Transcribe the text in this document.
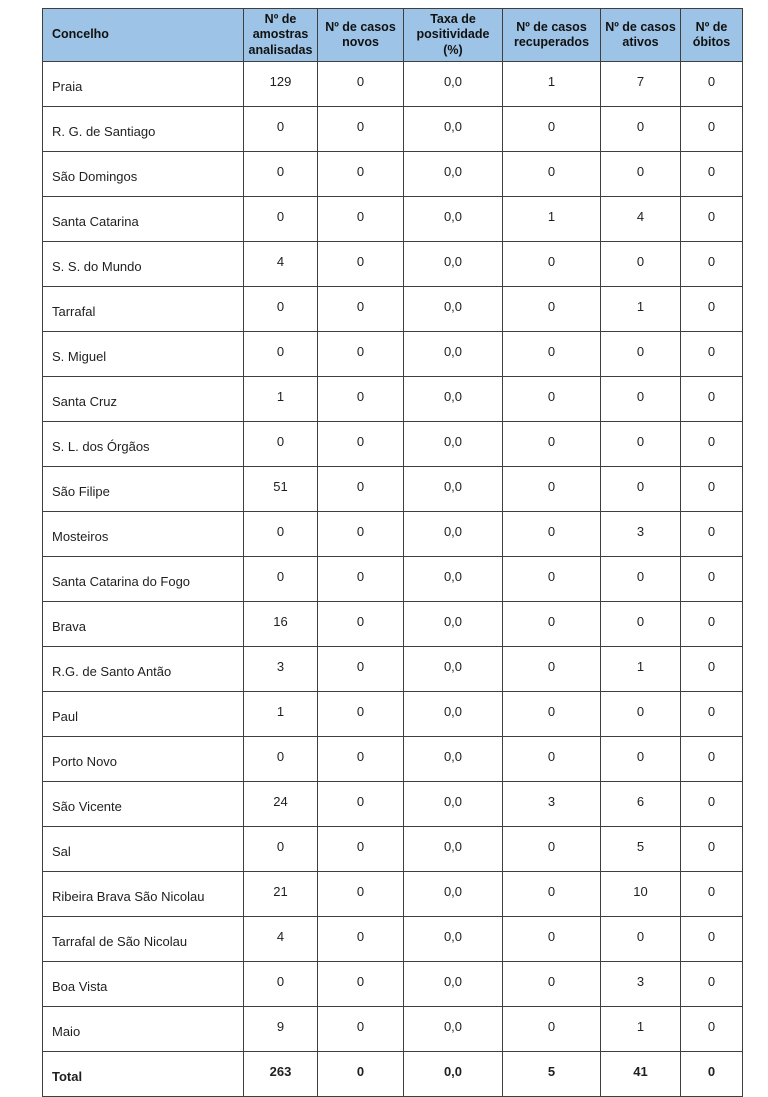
Concelho	Nº de amostras analisadas	Nº de casos novos	Taxa de positividade (%)	Nº de casos recuperados	Nº de casos ativos	Nº de óbitos
Praia	129	0	0,0	1	7	0
R. G. de Santiago	0	0	0,0	0	0	0
São Domingos	0	0	0,0	0	0	0
Santa Catarina	0	0	0,0	1	4	0
S. S. do Mundo	4	0	0,0	0	0	0
Tarrafal	0	0	0,0	0	1	0
S. Miguel	0	0	0,0	0	0	0
Santa Cruz	1	0	0,0	0	0	0
S. L. dos Órgãos	0	0	0,0	0	0	0
São Filipe	51	0	0,0	0	0	0
Mosteiros	0	0	0,0	0	3	0
Santa Catarina do Fogo	0	0	0,0	0	0	0
Brava	16	0	0,0	0	0	0
R.G. de Santo Antão	3	0	0,0	0	1	0
Paul	1	0	0,0	0	0	0
Porto Novo	0	0	0,0	0	0	0
São Vicente	24	0	0,0	3	6	0
Sal	0	0	0,0	0	5	0
Ribeira Brava São Nicolau	21	0	0,0	0	10	0
Tarrafal de São Nicolau	4	0	0,0	0	0	0
Boa Vista	0	0	0,0	0	3	0
Maio	9	0	0,0	0	1	0
Total	263	0	0,0	5	41	0
